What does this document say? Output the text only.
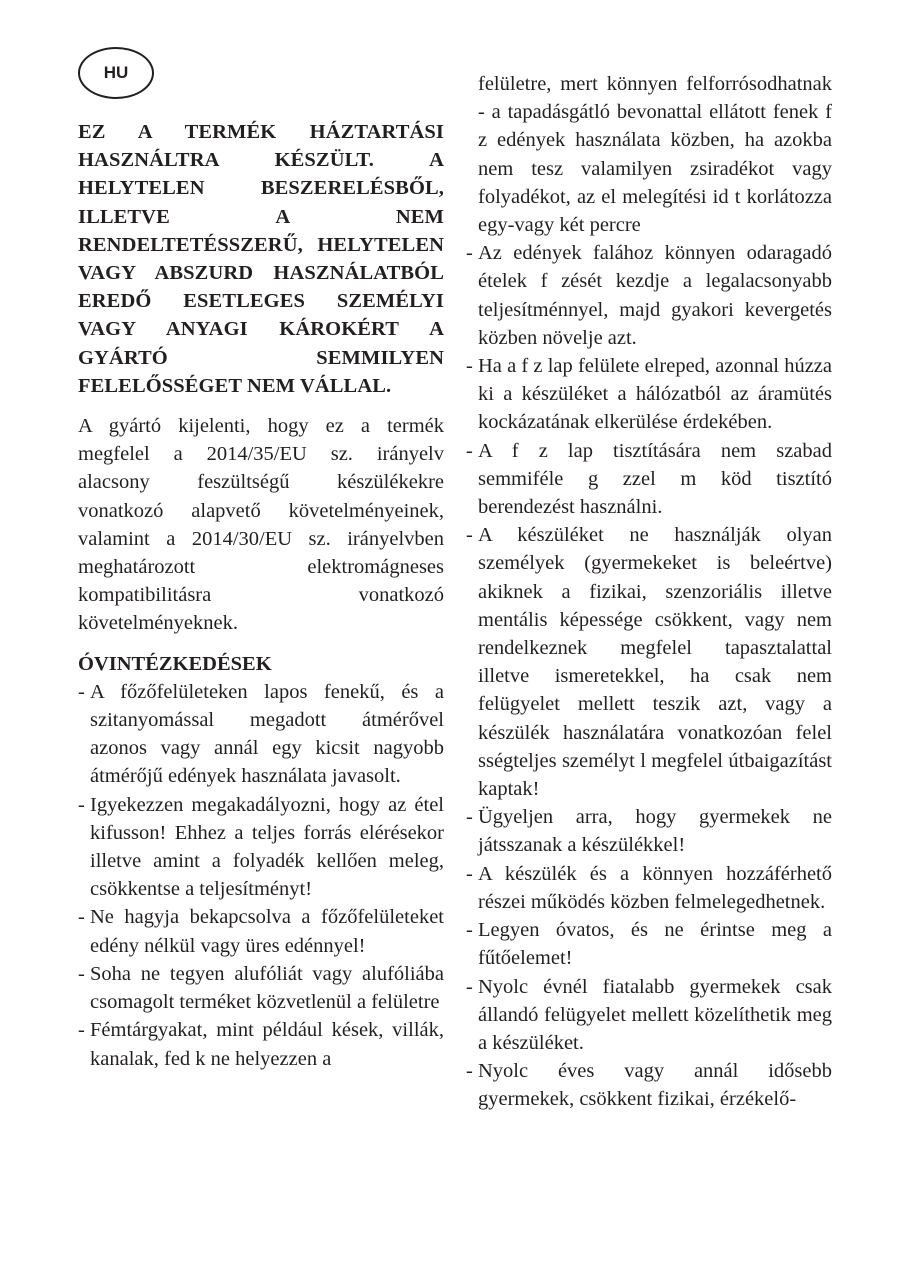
HU

EZ A TERMÉK HÁZTARTÁSI HASZNÁLTRA KÉSZÜLT. A HELYTELEN BESZERELÉSBŐL, ILLETVE A NEM RENDELTETÉSSZERŰ, HELYTELEN VAGY ABSZURD HASZNÁLATBÓL EREDŐ ESETLEGES SZEMÉLYI VAGY ANYAGI KÁROKÉRT A GYÁRTÓ SEMMILYEN FELELŐSSÉGET NEM VÁLLAL.

A gyártó kijelenti, hogy ez a termék megfelel a 2014/35/EU sz. irányelv alacsony feszültségű készülékekre vonatkozó alapvető követelményeinek, valamint a 2014/30/EU sz. irányelvben meghatározott elektromágneses kompatibilitásra vonatkozó követelményeknek.

ÓVINTÉZKEDÉSEK

- A főzőfelületeken lapos fenekű, és a szitanyomással megadott átmérővel azonos vagy annál egy kicsit nagyobb átmérőjű edények használata javasolt.
- Igyekezzen megakadályozni, hogy az étel kifusson! Ehhez a teljes forrás elérésekor illetve amint a folyadék kellően meleg, csökkentse a teljesítményt!
- Ne hagyja bekapcsolva a főzőfelületeket edény nélkül vagy üres edénnyel!
- Soha ne tegyen alufóliát vagy alufóliába csomagolt terméket közvetlenül a felületre
- Fémtárgyakat, mint például kések, villák, kanalak, fed k ne helyezzen a
felületre, mert könnyen felforrósodhatnak - a tapadásgátló bevonattal ellátott fenek f z edények használata közben, ha azokba nem tesz valamilyen zsiradékot vagy folyadékot, az el melegítési id t korlátozza egy-vagy két percre
- Az edények falához könnyen odaragadó ételek f zését kezdje a legalacsonyabb teljesítménnyel, majd gyakori kevergetés közben növelje azt.
- Ha a f z lap felülete elreped, azonnal húzza ki a készüléket a hálózatból az áramütés kockázatának elkerülése érdekében.
- A f z lap tisztítására nem szabad semmiféle g zzel m köd tisztító berendezést használni.
- A készüléket ne használják olyan személyek (gyermekeket is beleértve) akiknek a fizikai, szenzoriális illetve mentális képessége csökkent, vagy nem rendelkeznek megfelel tapasztalattal illetve ismeretekkel, ha csak nem felügyelet mellett teszik azt, vagy a készülék használatára vonatkozóan felel sségteljes személyt l megfelel útbaigazítást kaptak!
- Ügyeljen arra, hogy gyermekek ne játsszanak a készülékkel!
- A készülék és a könnyen hozzáférhető részei működés közben felmelegedhetnek.
- Legyen óvatos, és ne érintse meg a fűtőelemet!
- Nyolc évnél fiatalabb gyermekek csak állandó felügyelet mellett közelíthetik meg a készüléket.
- Nyolc éves vagy annál idősebb gyermekek, csökkent fizikai, érzékelő-
